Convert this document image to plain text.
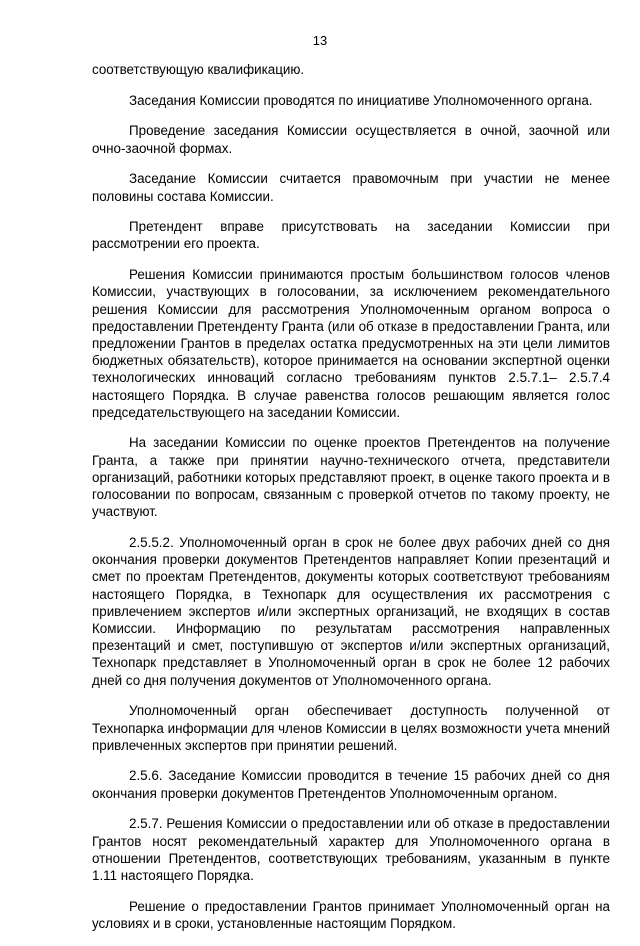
13

соответствующую квалификацию.

Заседания Комиссии проводятся по инициативе Уполномоченного органа.

Проведение заседания Комиссии осуществляется в очной, заочной или очно-заочной формах.

Заседание Комиссии считается правомочным при участии не менее половины состава Комиссии.

Претендент вправе присутствовать на заседании Комиссии при рассмотрении его проекта.

Решения Комиссии принимаются простым большинством голосов членов Комиссии, участвующих в голосовании, за исключением рекомендательного решения Комиссии для рассмотрения Уполномоченным органом вопроса о предоставлении Претенденту Гранта (или об отказе в предоставлении Гранта, или предложении Грантов в пределах остатка предусмотренных на эти цели лимитов бюджетных обязательств), которое принимается на основании экспертной оценки технологических инноваций согласно требованиям пунктов 2.5.7.1– 2.5.7.4 настоящего Порядка. В случае равенства голосов решающим является голос председательствующего на заседании Комиссии.

На заседании Комиссии по оценке проектов Претендентов на получение Гранта, а также при принятии научно-технического отчета, представители организаций, работники которых представляют проект, в оценке такого проекта и в голосовании по вопросам, связанным с проверкой отчетов по такому проекту, не участвуют.

2.5.5.2. Уполномоченный орган в срок не более двух рабочих дней со дня окончания проверки документов Претендентов направляет Копии презентаций и смет по проектам Претендентов, документы которых соответствуют требованиям настоящего Порядка, в Технопарк для осуществления их рассмотрения с привлечением экспертов и/или экспертных организаций, не входящих в состав Комиссии. Информацию по результатам рассмотрения направленных презентаций и смет, поступившую от экспертов и/или экспертных организаций, Технопарк представляет в Уполномоченный орган в срок не более 12 рабочих дней со дня получения документов от Уполномоченного органа.

Уполномоченный орган обеспечивает доступность полученной от Технопарка информации для членов Комиссии в целях возможности учета мнений привлеченных экспертов при принятии решений.

2.5.6. Заседание Комиссии проводится в течение 15 рабочих дней со дня окончания проверки документов Претендентов Уполномоченным органом.

2.5.7. Решения Комиссии о предоставлении или об отказе в предоставлении Грантов носят рекомендательный характер для Уполномоченного органа в отношении Претендентов, соответствующих требованиям, указанным в пункте 1.11 настоящего Порядка.

Решение о предоставлении Грантов принимает Уполномоченный орган на условиях и в сроки, установленные настоящим Порядком.
